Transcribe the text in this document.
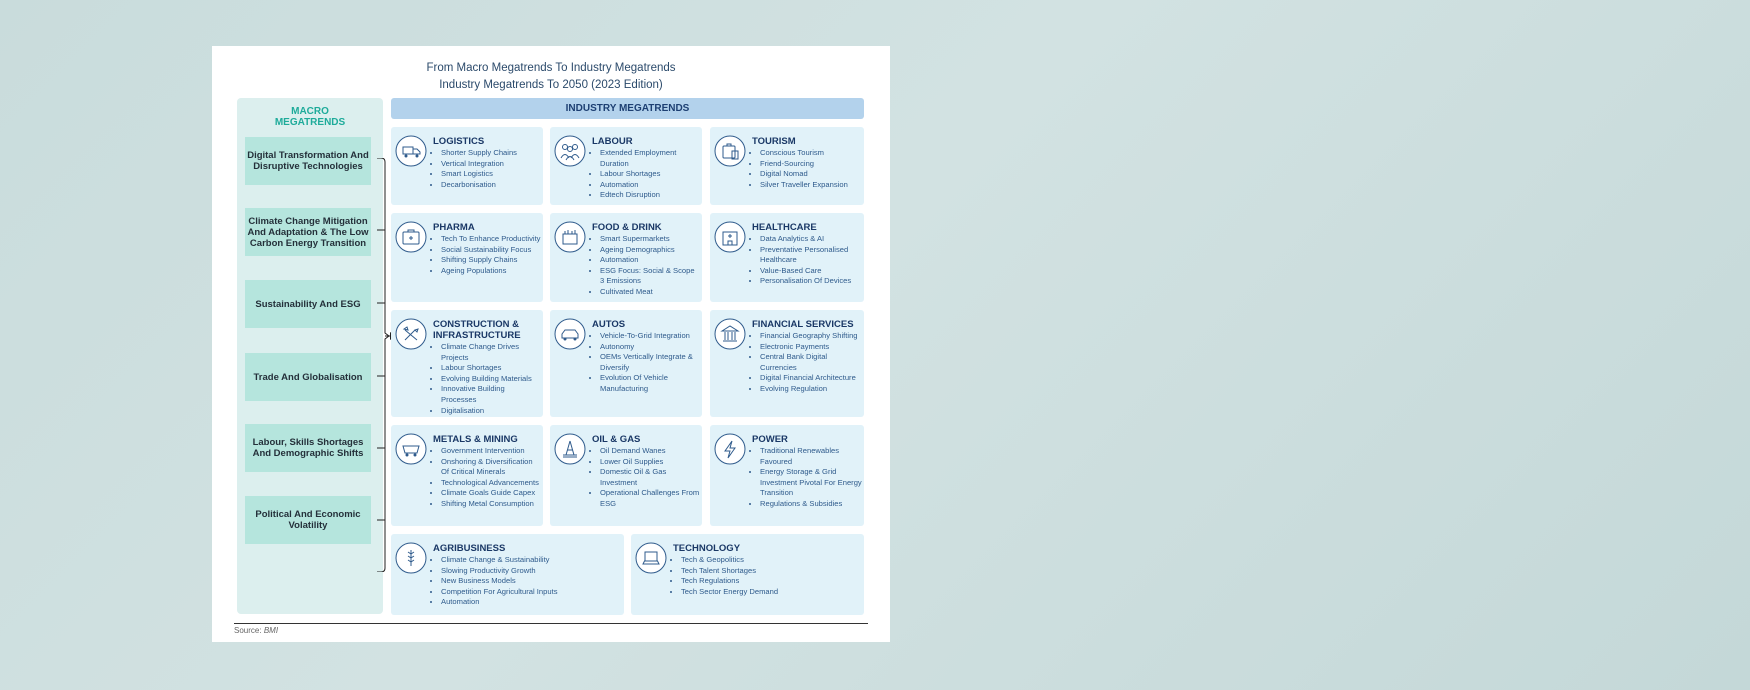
From Macro Megatrends To Industry Megatrends
Industry Megatrends To 2050 (2023 Edition)
MACRO
MEGATRENDS
Digital Transformation And Disruptive Technologies
Climate Change Mitigation And Adaptation & The Low Carbon Energy Transition
Sustainability And ESG
Trade And Globalisation
Labour, Skills Shortages And Demographic Shifts
Political And Economic Volatility
INDUSTRY MEGATRENDS
LOGISTICS
• Shorter Supply Chains
• Vertical Integration
• Smart Logistics
• Decarbonisation
LABOUR
• Extended Employment Duration
• Labour Shortages
• Automation
• Edtech Disruption
TOURISM
• Conscious Tourism
• Friend-Sourcing
• Digital Nomad
• Silver Traveller Expansion
PHARMA
• Tech To Enhance Productivity
• Social Sustainability Focus
• Shifting Supply Chains
• Ageing Populations
FOOD & DRINK
• Smart Supermarkets
• Ageing Demographics
• Automation
• ESG Focus: Social & Scope 3 Emissions
• Cultivated Meat
HEALTHCARE
• Data Analytics & AI
• Preventative Personalised Healthcare
• Value-Based Care
• Personalisation Of Devices
CONSTRUCTION & INFRASTRUCTURE
• Climate Change Drives Projects
• Labour Shortages
• Evolving Building Materials
• Innovative Building Processes
• Digitalisation
AUTOS
• Vehicle-To-Grid Integration
• Autonomy
• OEMs Vertically Integrate & Diversify
• Evolution Of Vehicle Manufacturing
FINANCIAL SERVICES
• Financial Geography Shifting
• Electronic Payments
• Central Bank Digital Currencies
• Digital Financial Architecture
• Evolving Regulation
METALS & MINING
• Government Intervention
• Onshoring & Diversification Of Critical Minerals
• Technological Advancements
• Climate Goals Guide Capex
• Shifting Metal Consumption
OIL & GAS
• Oil Demand Wanes
• Lower Oil Supplies
• Domestic Oil & Gas Investment
• Operational Challenges From ESG
POWER
• Traditional Renewables Favoured
• Energy Storage & Grid Investment Pivotal For Energy Transition
• Regulations & Subsidies
AGRIBUSINESS
• Climate Change & Sustainability
• Slowing Productivity Growth
• New Business Models
• Competition For Agricultural Inputs
• Automation
TECHNOLOGY
• Tech & Geopolitics
• Tech Talent Shortages
• Tech Regulations
• Tech Sector Energy Demand
Source: BMI
